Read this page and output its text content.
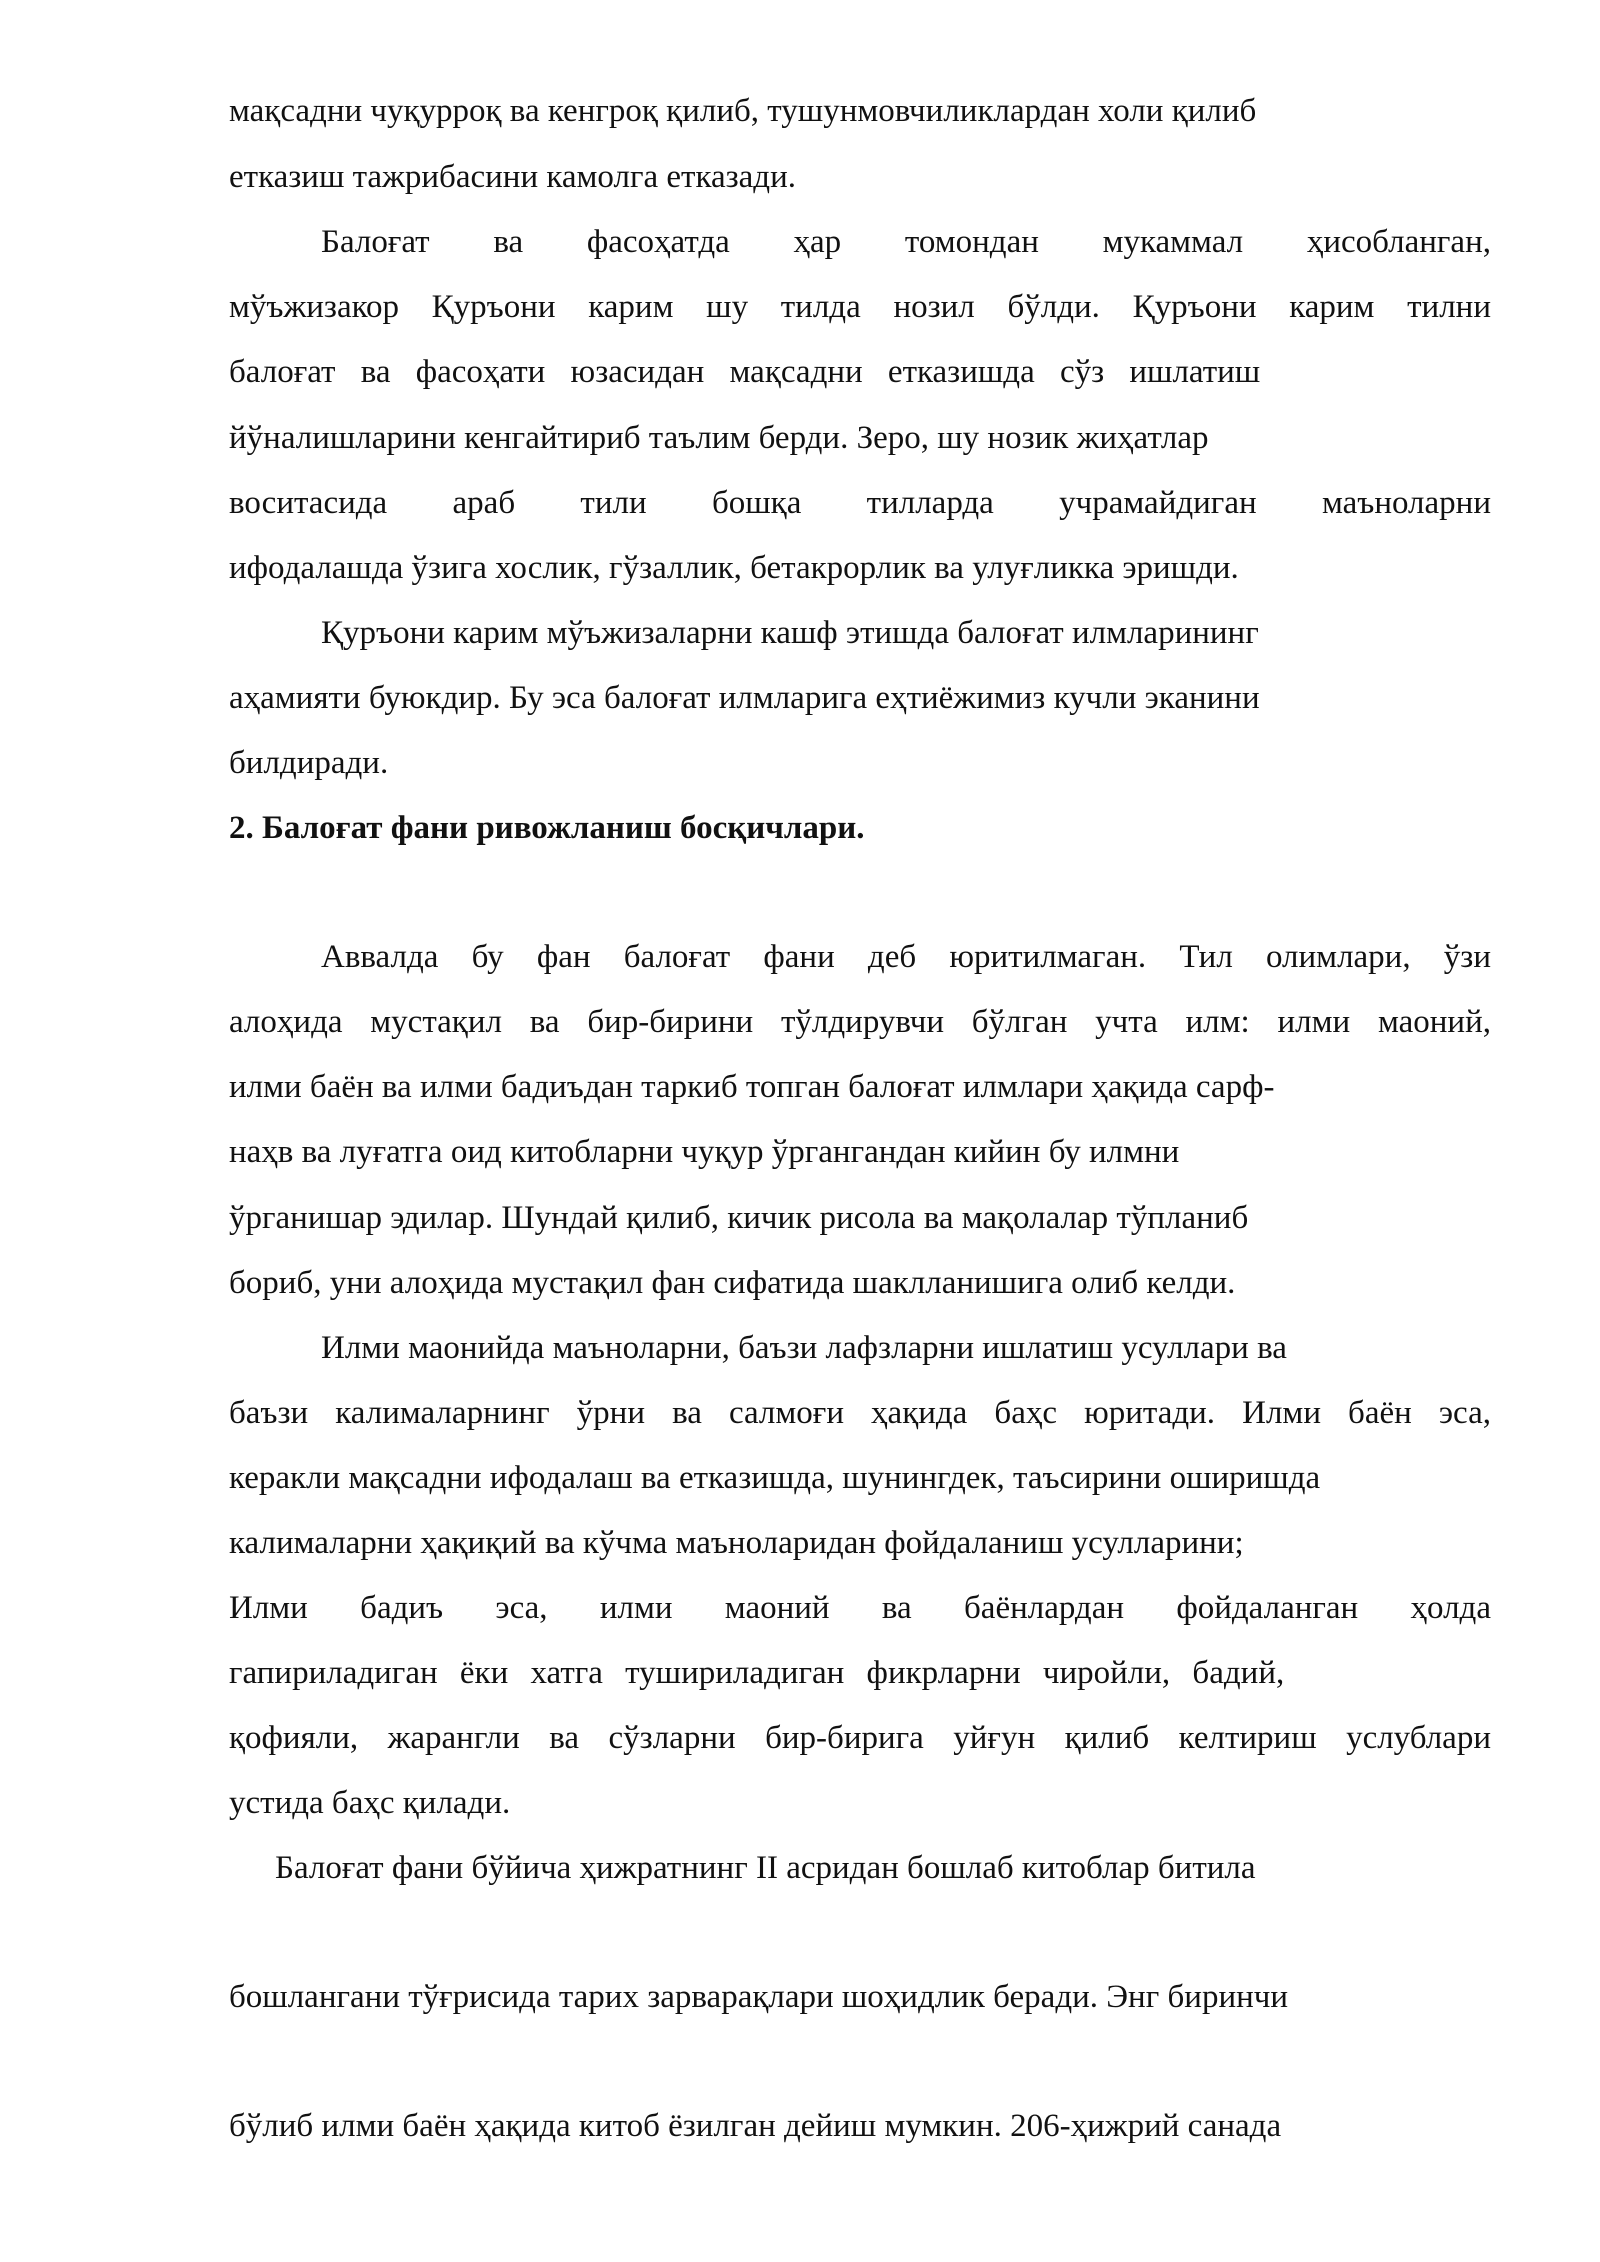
мақсадни чуқурроқ ва кенгроқ қилиб, тушунмовчиликлардан холи қилиб
етказиш тажрибасини камолга етказади.
Балоғат ва фасоҳатда ҳар томондан мукаммал ҳисобланган,
мўъжизакор Қуръони карим шу тилда нозил бўлди. Қуръони карим тилни
балоғат ва фасоҳати юзасидан мақсадни етказишда сўз ишлатиш
йўналишларини кенгайтириб таълим берди. Зеро, шу нозик жиҳатлар
воситасида араб тили бошқа тилларда учрамайдиган маъноларни
ифодалашда ўзига хослик, гўзаллик, бетакрорлик ва улуғликка эришди.
Қуръони карим мўъжизаларни кашф этишда балоғат илмларининг
аҳамияти буюкдир. Бу эса балоғат илмларига еҳтиёжимиз кучли эканини
билдиради.
2. Балоғат фани ривожланиш босқичлари.
Аввалда бу фан балоғат фани деб юритилмаган. Тил олимлари, ўзи
алоҳида мустақил ва бир-бирини тўлдирувчи бўлган учта илм: илми маоний,
илми баён ва илми бадиъдан таркиб топган балоғат илмлари ҳақида сарф-
наҳв ва луғатга оид китобларни чуқур ўргангандан кийин бу илмни
ўрганишар эдилар. Шундай қилиб, кичик рисола ва мақолалар тўпланиб
бориб, уни алоҳида мустақил фан сифатида шаклланишига олиб келди.
Илми маонийда маъноларни, баъзи лафзларни ишлатиш усуллари ва
баъзи калималарнинг ўрни ва салмоғи ҳақида баҳс юритади. Илми баён эса,
керакли мақсадни ифодалаш ва етказишда, шунингдек, таъсирини оширишда
калималарни ҳақиқий ва кўчма маъноларидан фойдаланиш усулларини;
Илми бадиъ эса, илми маоний ва баёнлардан фойдаланган ҳолда
гапириладиган ёки хатга тушириладиган фикрларни чиройли, бадий,
қофияли, жарангли ва сўзларни бир-бирига уйғун қилиб келтириш услублари
устида баҳс қилади.
Балоғат фани бўйича ҳижратнинг II асридан бошлаб китоблар битила
бошлангани тўғрисида тарих зарварақлари шоҳидлик беради. Энг биринчи
бўлиб илми баён ҳақида китоб ёзилган дейиш мумкин. 206-ҳижрий санада
